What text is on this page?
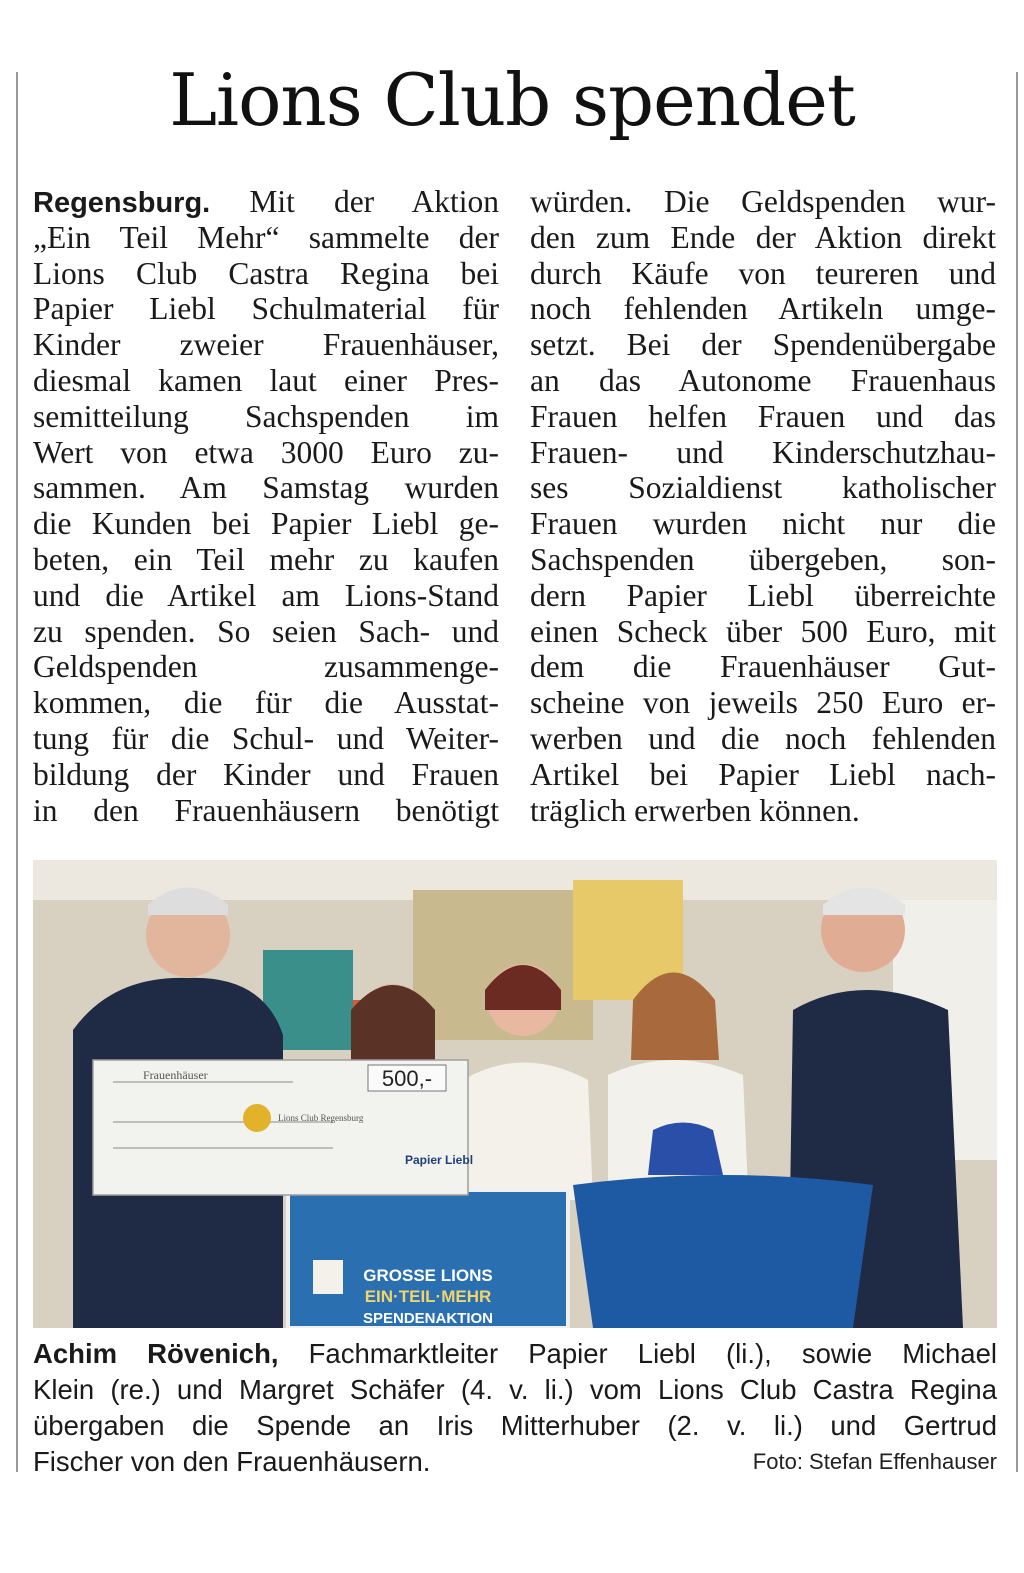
Lions Club spendet
Regensburg. Mit der Aktion
„Ein Teil Mehr“ sammelte der
Lions Club Castra Regina bei
Papier Liebl Schulmaterial für
Kinder zweier Frauenhäuser,
diesmal kamen laut einer Pres-
semitteilung Sachspenden im
Wert von etwa 3000 Euro zu-
sammen. Am Samstag wurden
die Kunden bei Papier Liebl ge-
beten, ein Teil mehr zu kaufen
und die Artikel am Lions-Stand
zu spenden. So seien Sach- und
Geldspenden zusammenge-
kommen, die für die Ausstat-
tung für die Schul- und Weiter-
bildung der Kinder und Frauen
in den Frauenhäusern benötigt
würden. Die Geldspenden wur-
den zum Ende der Aktion direkt
durch Käufe von teureren und
noch fehlenden Artikeln umge-
setzt. Bei der Spendenübergabe
an das Autonome Frauenhaus
Frauen helfen Frauen und das
Frauen- und Kinderschutzhau-
ses Sozialdienst katholischer
Frauen wurden nicht nur die
Sachspenden übergeben, son-
dern Papier Liebl überreichte
einen Scheck über 500 Euro, mit
dem die Frauenhäuser Gut-
scheine von jeweils 250 Euro er-
werben und die noch fehlenden
Artikel bei Papier Liebl nach-
träglich erwerben können.
GROSSE LIONS
EIN·TEIL·MEHR
SPENDENAKTION
Frauenhäuser	500,-
Lions Club Regensburg
Papier Liebl
Achim Rövenich, Fachmarktleiter Papier Liebl (li.), sowie Michael
Klein (re.) und Margret Schäfer (4. v. li.) vom Lions Club Castra Regina
übergaben die Spende an Iris Mitterhuber (2. v. li.) und Gertrud
Fischer von den Frauenhäusern.	Foto: Stefan Effenhauser
